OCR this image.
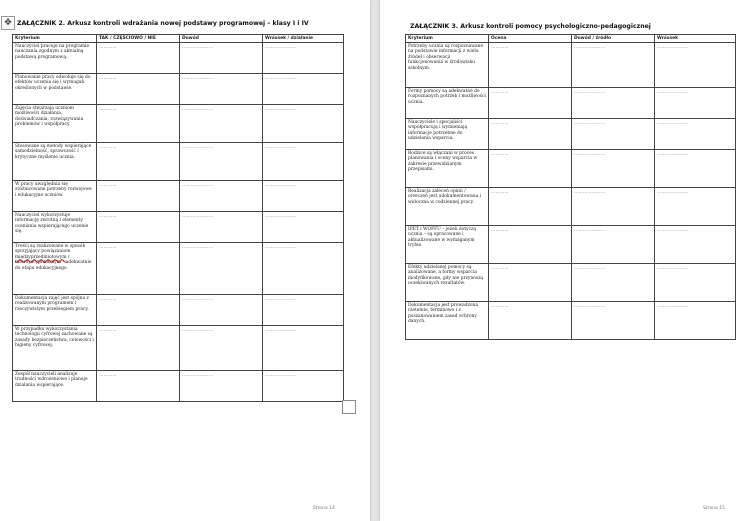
✥ ZAŁĄCZNIK 2. Arkusz kontroli wdrażania nowej podstawy programowej – klasy I i IV	ZAŁĄCZNIK 3. Arkusz kontroli pomocy psychologiczno-pedagogicznej
Kryterium	TAK / CZĘŚCIOWO / NIE	Dowód	Wniosek / działanie
Nauczyciel pracuje na programie nauczania zgodnym z aktualną podstawą programową.	…………	…………………	…………………
Planowanie pracy odwołuje się do efektów uczenia się i wymagań określonych w podstawie.	…………	…………………	…………………
Zajęcia stwarzają uczniom możliwości działania, doświadczania, rozwiązywania problemów i współpracy.	…………	…………………	…………………
Stosowane są metody wspierające samodzielność, sprawczość i krytyczne myślenie ucznia.	…………	…………………	…………………
W pracy uwzględnia się zróżnicowane potrzeby rozwojowe i edukacyjne uczniów.	…………	…………………	…………………
Nauczyciel wykorzystuje informację zwrotną i elementy oceniania wspierającego uczenie się.	…………	…………………	…………………
Treści są realizowane w sposób sprzyjający powiązaniom międzyprzedmiotowym / interdyscyplinarnym – adekwatnie do etapu edukacyjnego.	…………	…………………	…………………
Dokumentacja zajęć jest spójna z realizowanym programem i rzeczywistym przebiegiem pracy.	…………	…………………	…………………
W przypadku wykorzystania technologii cyfrowej zachowane są zasady bezpieczeństwa, celowości i higieny cyfrowej.	…………	…………………	…………………
Zespół nauczycieli analizuje trudności wdrożeniowe i planuje działania wspierające.	…………	…………………	…………………
Kryterium	Ocena	Dowód / źródło	Wniosek
Potrzeby ucznia są rozpoznawane na podstawie informacji z wielu źródeł i obserwacji funkcjonowania w środowisku szkolnym.	…………	…………………	…………………
Formy pomocy są adekwatne do rozpoznanych potrzeb i możliwości ucznia.	…………	…………………	…………………
Nauczyciele i specjaliści współpracują i wymieniają informacje potrzebne do udzielania wsparcia.	…………	…………………	…………………
Rodzice są włączani w proces planowania i oceny wsparcia w zakresie przewidzianym przepisami.	…………	…………………	…………………
Realizacja zaleceń opinii / orzeczeń jest udokumentowana i widoczna w codziennej pracy.	…………	…………………	…………………
IPET i WOPFU – jeżeli dotyczą ucznia – są opracowane i aktualizowane w wymaganym trybie.	…………	…………………	…………………
Efekty udzielanej pomocy są analizowane, a formy wsparcia modyfikowane, gdy nie przynoszą oczekiwanych rezultatów.	…………	…………………	…………………
Dokumentacja jest prowadzona rzetelnie, terminowo i z poszanowaniem zasad ochrony danych.	…………	…………………	…………………
Strona 14	Strona 15
